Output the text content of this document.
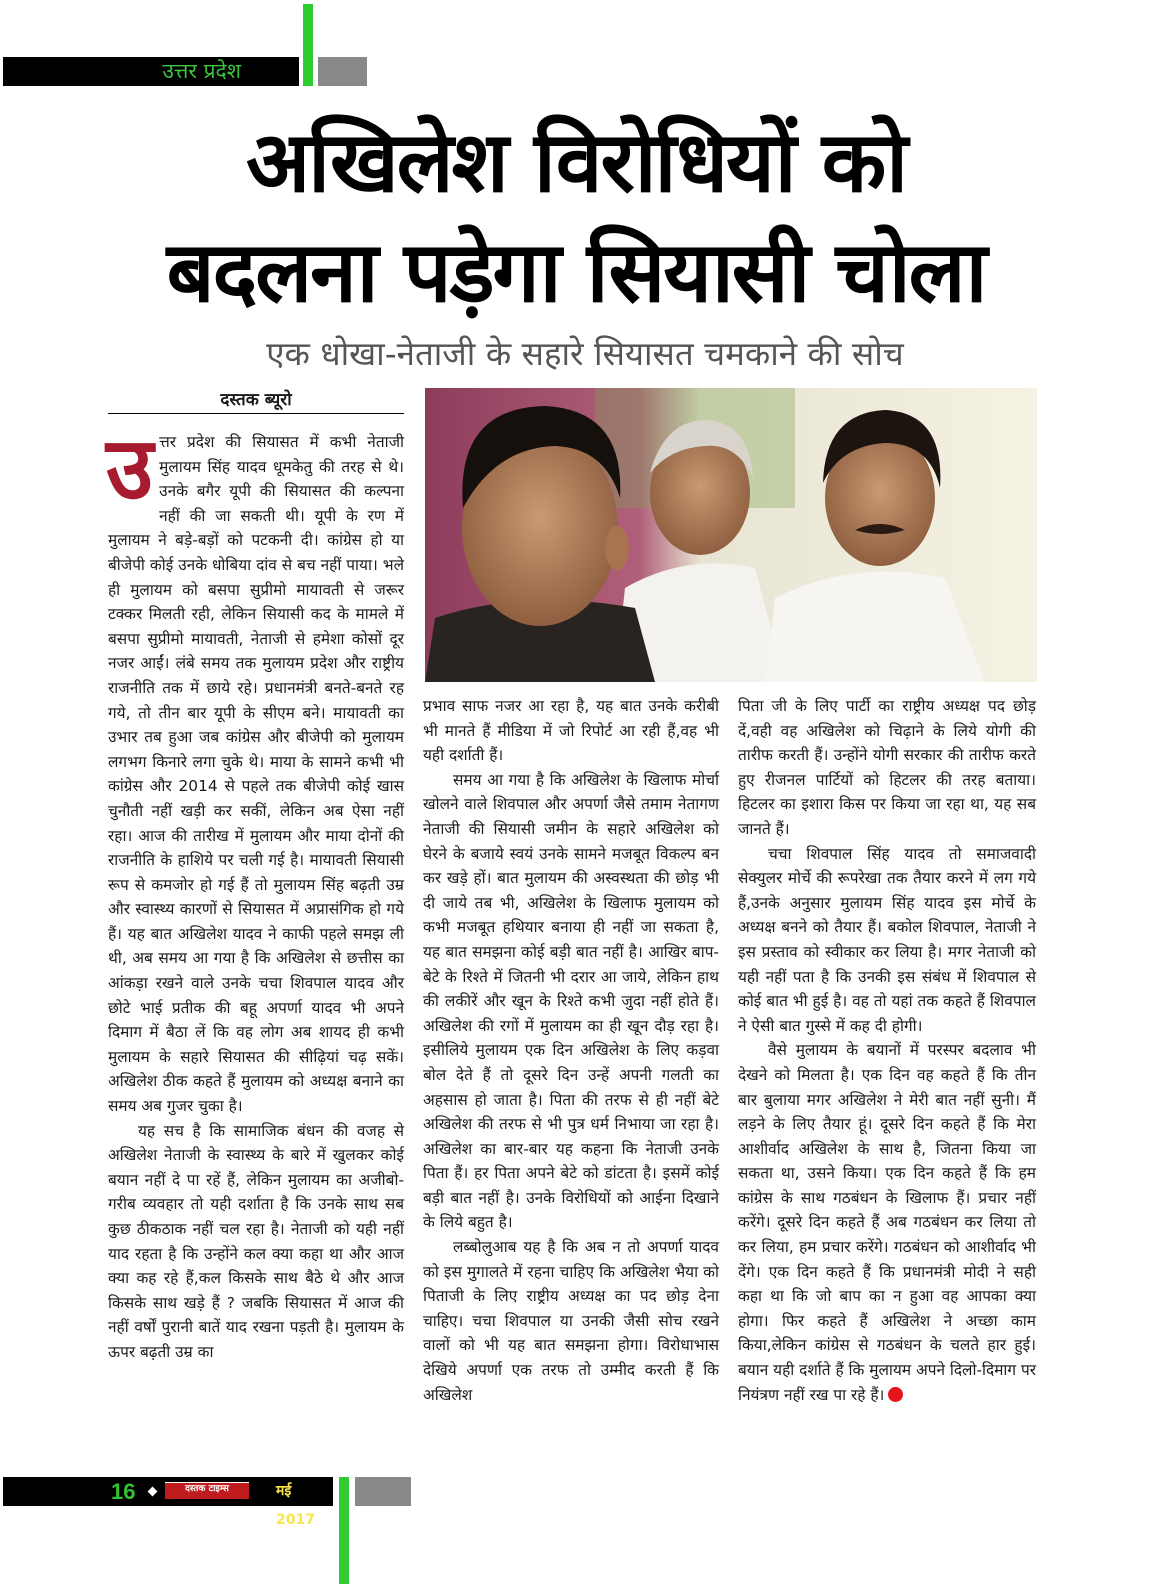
उत्तर प्रदेश
अखिलेश विरोधियों को
बदलना पड़ेगा सियासी चोला
एक धोखा-नेताजी के सहारे सियासत चमकाने की सोच
दस्तक ब्यूरो

उत्तर प्रदेश की सियासत में कभी नेताजी मुलायम सिंह यादव धूमकेतु की तरह से थे। उनके बगैर यूपी की सियासत की कल्पना नहीं की जा सकती थी। यूपी के रण में मुलायम ने बड़े-बड़ों को पटकनी दी। कांग्रेस हो या बीजेपी कोई उनके धोबिया दांव से बच नहीं पाया। भले ही मुलायम को बसपा सुप्रीमो मायावती से जरूर टक्कर मिलती रही, लेकिन सियासी कद के मामले में बसपा सुप्रीमो मायावती, नेताजी से हमेशा कोसों दूर नजर आईं। लंबे समय तक मुलायम प्रदेश और राष्ट्रीय राजनीति तक में छाये रहे। प्रधानमंत्री बनते-बनते रह गये, तो तीन बार यूपी के सीएम बने। मायावती का उभार तब हुआ जब कांग्रेस और बीजेपी को मुलायम लगभग किनारे लगा चुके थे। माया के सामने कभी भी कांग्रेस और 2014 से पहले तक बीजेपी कोई खास चुनौती नहीं खड़ी कर सकीं, लेकिन अब ऐसा नहीं रहा। आज की तारीख में मुलायम और माया दोनों की राजनीति के हाशिये पर चली गई है। मायावती सियासी रूप से कमजोर हो गई हैं तो मुलायम सिंह बढ़ती उम्र और स्वास्थ्य कारणों से सियासत में अप्रासंगिक हो गये हैं। यह बात अखिलेश यादव ने काफी पहले समझ ली थी, अब समय आ गया है कि अखिलेश से छत्तीस का आंकड़ा रखने वाले उनके चचा शिवपाल यादव और छोटे भाई प्रतीक की बहू अपर्णा यादव भी अपने दिमाग में बैठा लें कि वह लोग अब शायद ही कभी मुलायम के सहारे सियासत की सीढ़ियां चढ़ सकें। अखिलेश ठीक कहते हैं मुलायम को अध्यक्ष बनाने का समय अब गुजर चुका है।

यह सच है कि सामाजिक बंधन की वजह से अखिलेश नेताजी के स्वास्थ्य के बारे में खुलकर कोई बयान नहीं दे पा रहें हैं, लेकिन मुलायम का अजीबो-गरीब व्यवहार तो यही दर्शाता है कि उनके साथ सब कुछ ठीकठाक नहीं चल रहा है। नेताजी को यही नहीं याद रहता है कि उन्होंने कल क्या कहा था और आज क्या कह रहे हैं,कल किसके साथ बैठे थे और आज किसके साथ खड़े हैं ? जबकि सियासत में आज की नहीं वर्षों पुरानी बातें याद रखना पड़ती है। मुलायम के ऊपर बढ़ती उम्र का

प्रभाव साफ नजर आ रहा है, यह बात उनके करीबी भी मानते हैं मीडिया में जो रिपोर्ट आ रही हैं,वह भी यही दर्शाती हैं।

समय आ गया है कि अखिलेश के खिलाफ मोर्चा खोलने वाले शिवपाल और अपर्णा जैसे तमाम नेतागण नेताजी की सियासी जमीन के सहारे अखिलेश को घेरने के बजाये स्वयं उनके सामने मजबूत विकल्प बन कर खड़े हों। बात मुलायम की अस्वस्थता की छोड़ भी दी जाये तब भी, अखिलेश के खिलाफ मुलायम को कभी मजबूत हथियार बनाया ही नहीं जा सकता है, यह बात समझना कोई बड़ी बात नहीं है। आखिर बाप-बेटे के रिश्ते में जितनी भी दरार आ जाये, लेकिन हाथ की लकीरें और खून के रिश्ते कभी जुदा नहीं होते हैं। अखिलेश की रगों में मुलायम का ही खून दौड़ रहा है। इसीलिये मुलायम एक दिन अखिलेश के लिए कड़वा बोल देते हैं तो दूसरे दिन उन्हें अपनी गलती का अहसास हो जाता है। पिता की तरफ से ही नहीं बेटे अखिलेश की तरफ से भी पुत्र धर्म निभाया जा रहा है। अखिलेश का बार-बार यह कहना कि नेताजी उनके पिता हैं। हर पिता अपने बेटे को डांटता है। इसमें कोई बड़ी बात नहीं है। उनके विरोधियों को आईना दिखाने के लिये बहुत है।

लब्बोलुआब यह है कि अब न तो अपर्णा यादव को इस मुगालते में रहना चाहिए कि अखिलेश भैया को पिताजी के लिए राष्ट्रीय अध्यक्ष का पद छोड़ देना चाहिए। चचा शिवपाल या उनकी जैसी सोच रखने वालों को भी यह बात समझना होगा। विरोधाभास देखिये अपर्णा एक तरफ तो उम्मीद करती हैं कि अखिलेश

पिता जी के लिए पार्टी का राष्ट्रीय अध्यक्ष पद छोड़ दें,वही वह अखिलेश को चिढ़ाने के लिये योगी की तारीफ करती हैं। उन्होंने योगी सरकार की तारीफ करते हुए रीजनल पार्टियों को हिटलर की तरह बताया। हिटलर का इशारा किस पर किया जा रहा था, यह सब जानते हैं।

चचा शिवपाल सिंह यादव तो समाजवादी सेक्युलर मोर्चे की रूपरेखा तक तैयार करने में लग गये हैं,उनके अनुसार मुलायम सिंह यादव इस मोर्चे के अध्यक्ष बनने को तैयार हैं। बकोल शिवपाल, नेताजी ने इस प्रस्ताव को स्वीकार कर लिया है। मगर नेताजी को यही नहीं पता है कि उनकी इस संबंध में शिवपाल से कोई बात भी हुई है। वह तो यहां तक कहते हैं शिवपाल ने ऐसी बात गुस्से में कह दी होगी।

वैसे मुलायम के बयानों में परस्पर बदलाव भी देखने को मिलता है। एक दिन वह कहते हैं कि तीन बार बुलाया मगर अखिलेश ने मेरी बात नहीं सुनी। मैं लड़ने के लिए तैयार हूं। दूसरे दिन कहते हैं कि मेरा आशीर्वाद अखिलेश के साथ है, जितना किया जा सकता था, उसने किया। एक दिन कहते हैं कि हम कांग्रेस के साथ गठबंधन के खिलाफ हैं। प्रचार नहीं करेंगे। दूसरे दिन कहते हैं अब गठबंधन कर लिया तो कर लिया, हम प्रचार करेंगे। गठबंधन को आशीर्वाद भी देंगे। एक दिन कहते हैं कि प्रधानमंत्री मोदी ने सही कहा था कि जो बाप का न हुआ वह आपका क्या होगा। फिर कहते हैं अखिलेश ने अच्छा काम किया,लेकिन कांग्रेस से गठबंधन के चलते हार हुई। बयान यही दर्शाते हैं कि मुलायम अपने दिलो-दिमाग पर नियंत्रण नहीं रख पा रहे हैं।

16	दस्तक टाइम्स	मई 2017
